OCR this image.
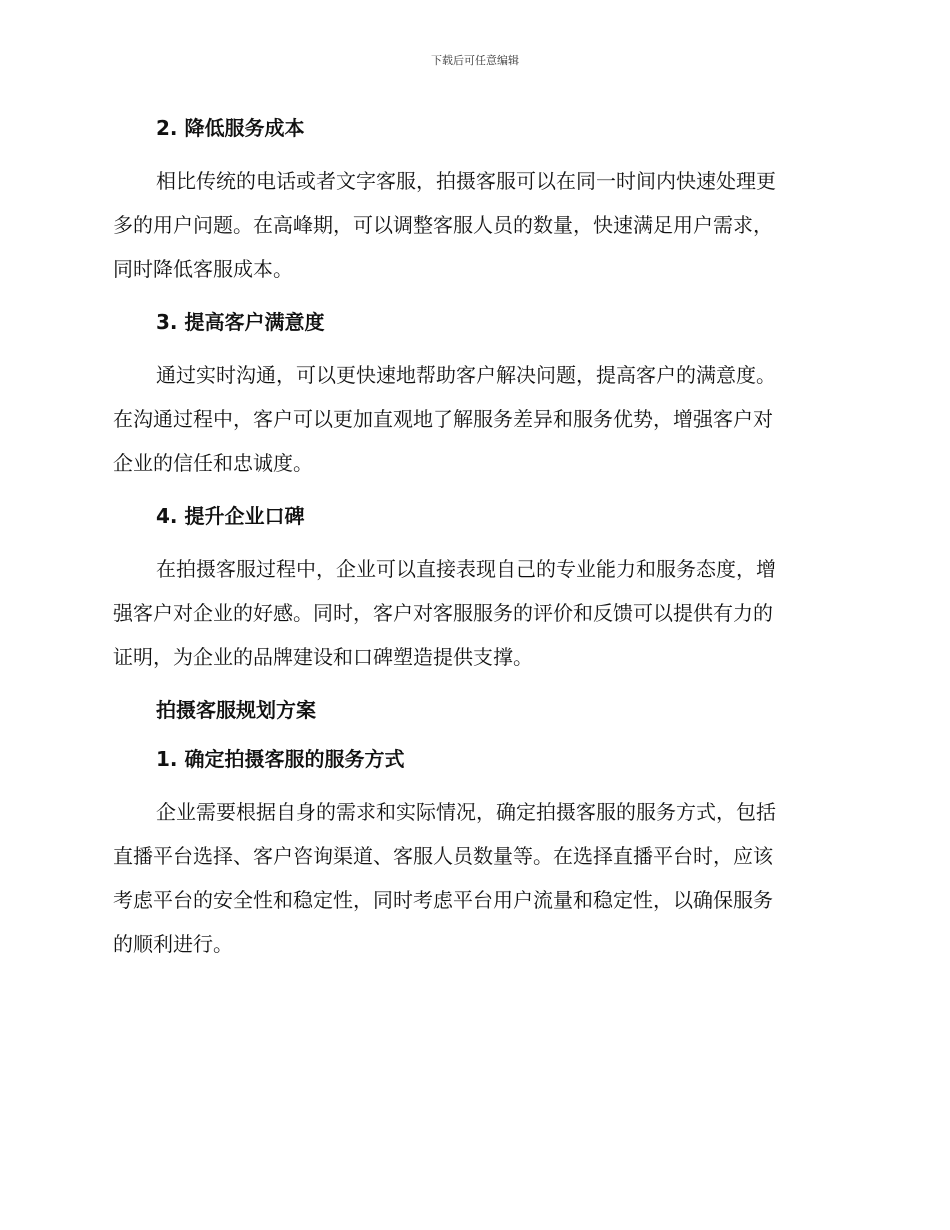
下载后可任意编辑
2. 降低服务成本
相比传统的电话或者文字客服，拍摄客服可以在同一时间内快速处理更
多的用户问题。在高峰期，可以调整客服人员的数量，快速满足用户需求，
同时降低客服成本。
3. 提高客户满意度
通过实时沟通，可以更快速地帮助客户解决问题，提高客户的满意度。
在沟通过程中，客户可以更加直观地了解服务差异和服务优势，增强客户对
企业的信任和忠诚度。
4. 提升企业口碑
在拍摄客服过程中，企业可以直接表现自己的专业能力和服务态度，增
强客户对企业的好感。同时，客户对客服服务的评价和反馈可以提供有力的
证明，为企业的品牌建设和口碑塑造提供支撑。
拍摄客服规划方案
1. 确定拍摄客服的服务方式
企业需要根据自身的需求和实际情况，确定拍摄客服的服务方式，包括
直播平台选择、客户咨询渠道、客服人员数量等。在选择直播平台时，应该
考虑平台的安全性和稳定性，同时考虑平台用户流量和稳定性，以确保服务
的顺利进行。
